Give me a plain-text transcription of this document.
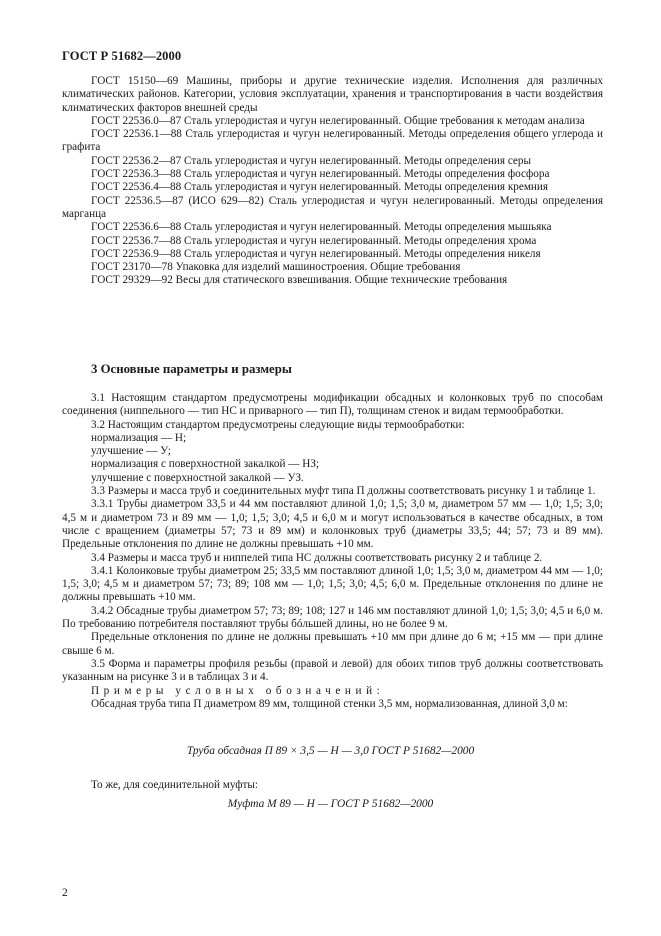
ГОСТ Р 51682—2000

ГОСТ 15150—69 Машины, приборы и другие технические изделия. Исполнения для различных климатических районов. Категории, условия эксплуатации, хранения и транспортирования в части воздействия климатических факторов внешней среды

ГОСТ 22536.0—87 Сталь углеродистая и чугун нелегированный. Общие требования к методам анализа

ГОСТ 22536.1—88 Сталь углеродистая и чугун нелегированный. Методы определения общего углерода и графита

ГОСТ 22536.2—87 Сталь углеродистая и чугун нелегированный. Методы определения серы

ГОСТ 22536.3—88 Сталь углеродистая и чугун нелегированный. Методы определения фосфора

ГОСТ 22536.4—88 Сталь углеродистая и чугун нелегированный. Методы определения кремния

ГОСТ 22536.5—87 (ИСО 629—82) Сталь углеродистая и чугун нелегированный. Методы определения марганца

ГОСТ 22536.6—88 Сталь углеродистая и чугун нелегированный. Методы определения мышьяка

ГОСТ 22536.7—88 Сталь углеродистая и чугун нелегированный. Методы определения хрома

ГОСТ 22536.9—88 Сталь углеродистая и чугун нелегированный. Методы определения никеля

ГОСТ 23170—78 Упаковка для изделий машиностроения. Общие требования

ГОСТ 29329—92 Весы для статического взвешивания. Общие технические требования

3 Основные параметры и размеры

3.1 Настоящим стандартом предусмотрены модификации обсадных и колонковых труб по способам соединения (ниппельного — тип НС и приварного — тип П), толщинам стенок и видам термообработки.

3.2 Настоящим стандартом предусмотрены следующие виды термообработки:

нормализация — Н;

улучшение — У;

нормализация с поверхностной закалкой — НЗ;

улучшение с поверхностной закалкой — УЗ.

3.3 Размеры и масса труб и соединительных муфт типа П должны соответствовать рисунку 1 и таблице 1.

3.3.1 Трубы диаметром 33,5 и 44 мм поставляют длиной 1,0; 1,5; 3,0 м, диаметром 57 мм — 1,0; 1,5; 3,0; 4,5 м и диаметром 73 и 89 мм — 1,0; 1,5; 3,0; 4,5 и 6,0 м и могут использоваться в качестве обсадных, в том числе с вращением (диаметры 57; 73 и 89 мм) и колонковых труб (диаметры 33,5; 44; 57; 73 и 89 мм). Предельные отклонения по длине не должны превышать +10 мм.

3.4 Размеры и масса труб и ниппелей типа НС должны соответствовать рисунку 2 и таблице 2.

3.4.1 Колонковые трубы диаметром 25; 33,5 мм поставляют длиной 1,0; 1,5; 3,0 м, диаметром 44 мм — 1,0; 1,5; 3,0; 4,5 м и диаметром 57; 73; 89; 108 мм — 1,0; 1,5; 3,0; 4,5; 6,0 м. Предельные отклонения по длине не должны превышать +10 мм.

3.4.2 Обсадные трубы диаметром 57; 73; 89; 108; 127 и 146 мм поставляют длиной 1,0; 1,5; 3,0; 4,5 и 6,0 м. По требованию потребителя поставляют трубы бóльшей длины, но не более 9 м.

Предельные отклонения по длине не должны превышать +10 мм при длине до 6 м; +15 мм — при длине свыше 6 м.

3.5 Форма и параметры профиля резьбы (правой и левой) для обоих типов труб должны соответствовать указанным на рисунке 3 и в таблицах 3 и 4.

Примеры условных обозначений:

Обсадная труба типа П диаметром 89 мм, толщиной стенки 3,5 мм, нормализованная, длиной 3,0 м:

Труба обсадная П 89 × 3,5 — Н — 3,0 ГОСТ Р 51682—2000

То же, для соединительной муфты:

Муфта М 89 — Н — ГОСТ Р 51682—2000
2
